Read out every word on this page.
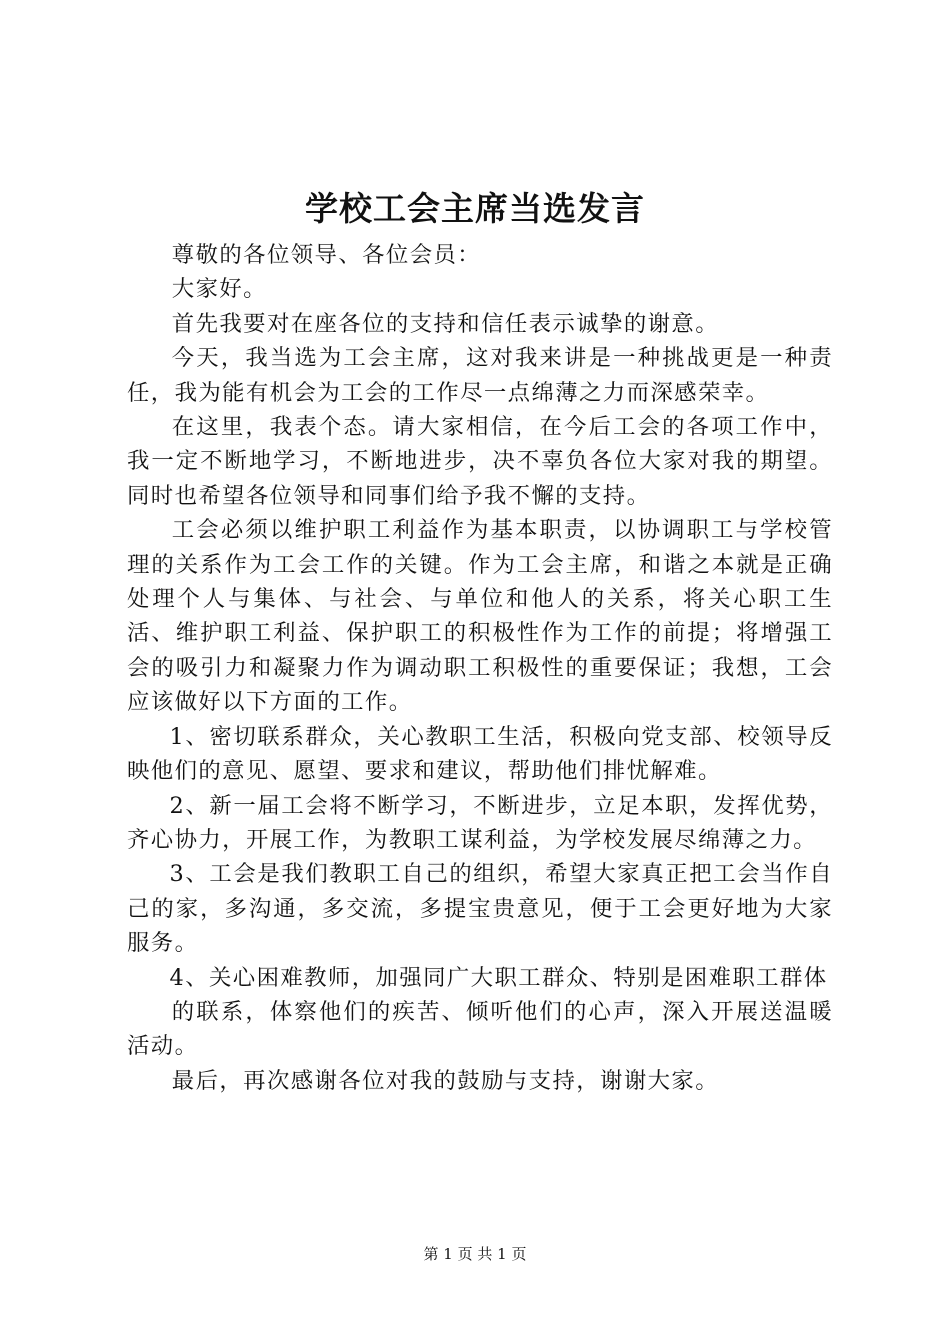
学校工会主席当选发言

尊敬的各位领导、各位会员：

大家好。

首先我要对在座各位的支持和信任表示诚挚的谢意。

今天，我当选为工会主席，这对我来讲是一种挑战更是一种责任，我为能有机会为工会的工作尽一点绵薄之力而深感荣幸。

在这里，我表个态。请大家相信，在今后工会的各项工作中，我一定不断地学习，不断地进步，决不辜负各位大家对我的期望。同时也希望各位领导和同事们给予我不懈的支持。

工会必须以维护职工利益作为基本职责，以协调职工与学校管理的关系作为工会工作的关键。作为工会主席，和谐之本就是正确处理个人与集体、与社会、与单位和他人的关系，将关心职工生活、维护职工利益、保护职工的积极性作为工作的前提；将增强工会的吸引力和凝聚力作为调动职工积极性的重要保证；我想，工会应该做好以下方面的工作。

1、密切联系群众，关心教职工生活，积极向党支部、校领导反映他们的意见、愿望、要求和建议，帮助他们排忧解难。

2、新一届工会将不断学习，不断进步，立足本职，发挥优势，齐心协力，开展工作，为教职工谋利益，为学校发展尽绵薄之力。

3、工会是我们教职工自己的组织，希望大家真正把工会当作自己的家，多沟通，多交流，多提宝贵意见，便于工会更好地为大家服务。

4、关心困难教师，加强同广大职工群众、特别是困难职工群体

的联系，体察他们的疾苦、倾听他们的心声，深入开展送温暖活动。

最后，再次感谢各位对我的鼓励与支持，谢谢大家。

第 1 页 共 1 页
